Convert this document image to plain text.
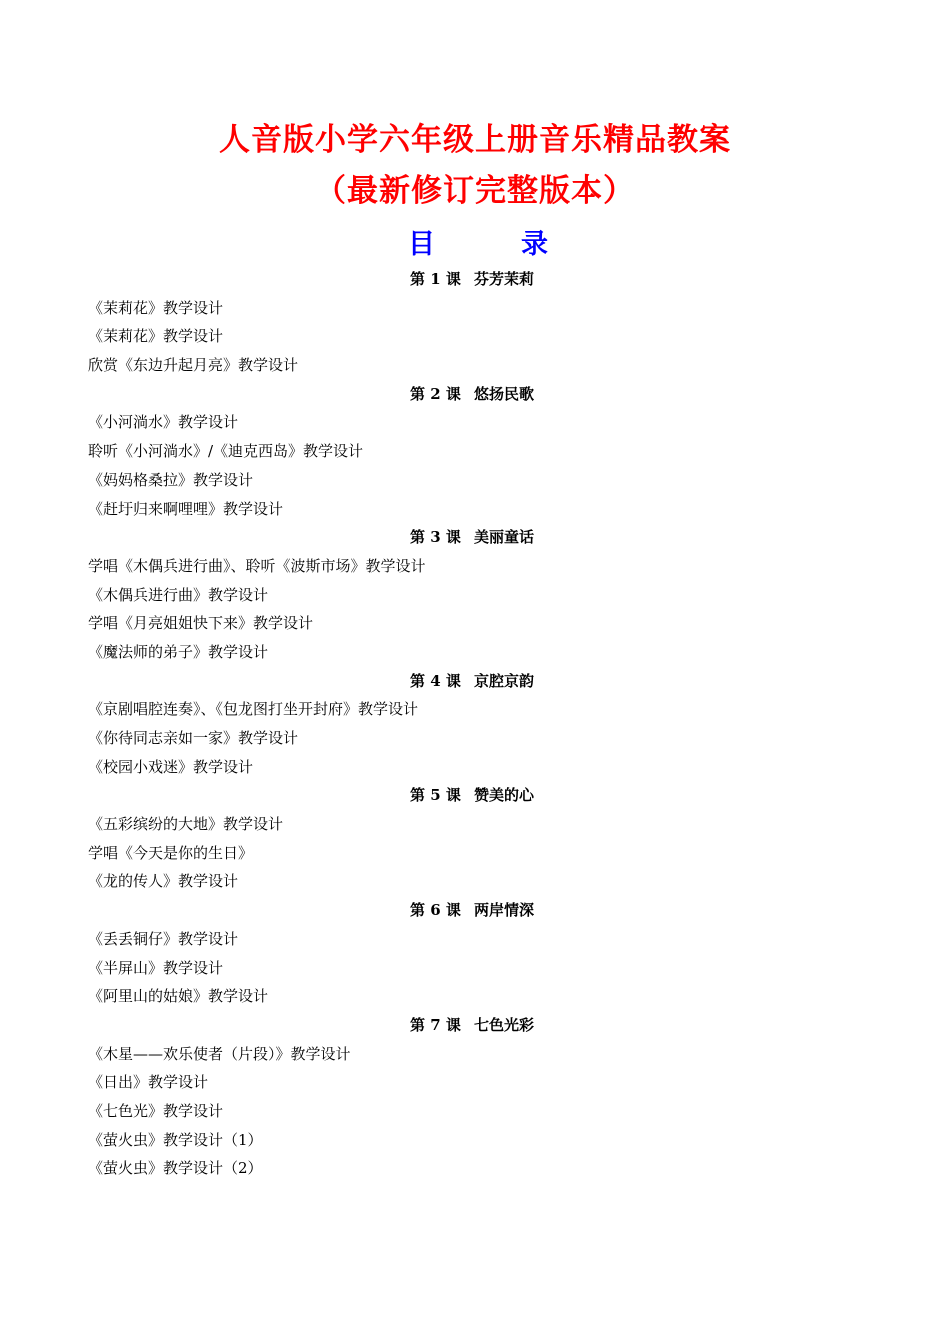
人音版小学六年级上册音乐精品教案
（最新修订完整版本）
目	录
第 1 课 芬芳茉莉
《茉莉花》教学设计
《茉莉花》教学设计
欣赏《东边升起月亮》教学设计
第 2 课 悠扬民歌
《小河淌水》教学设计
聆听《小河淌水》/《迪克西岛》教学设计
《妈妈格桑拉》教学设计
《赶圩归来啊哩哩》教学设计
第 3 课 美丽童话
学唱《木偶兵进行曲》、聆听《波斯市场》教学设计
《木偶兵进行曲》教学设计
学唱《月亮姐姐快下来》教学设计
《魔法师的弟子》教学设计
第 4 课 京腔京韵
《京剧唱腔连奏》、《包龙图打坐开封府》教学设计
《你待同志亲如一家》教学设计
《校园小戏迷》教学设计
第 5 课 赞美的心
《五彩缤纷的大地》教学设计
学唱《今天是你的生日》
《龙的传人》教学设计
第 6 课 两岸情深
《丢丢铜仔》教学设计
《半屏山》教学设计
《阿里山的姑娘》教学设计
第 7 课 七色光彩
《木星——欢乐使者（片段）》教学设计
《日出》教学设计
《七色光》教学设计
《萤火虫》教学设计（1）
《萤火虫》教学设计（2）
